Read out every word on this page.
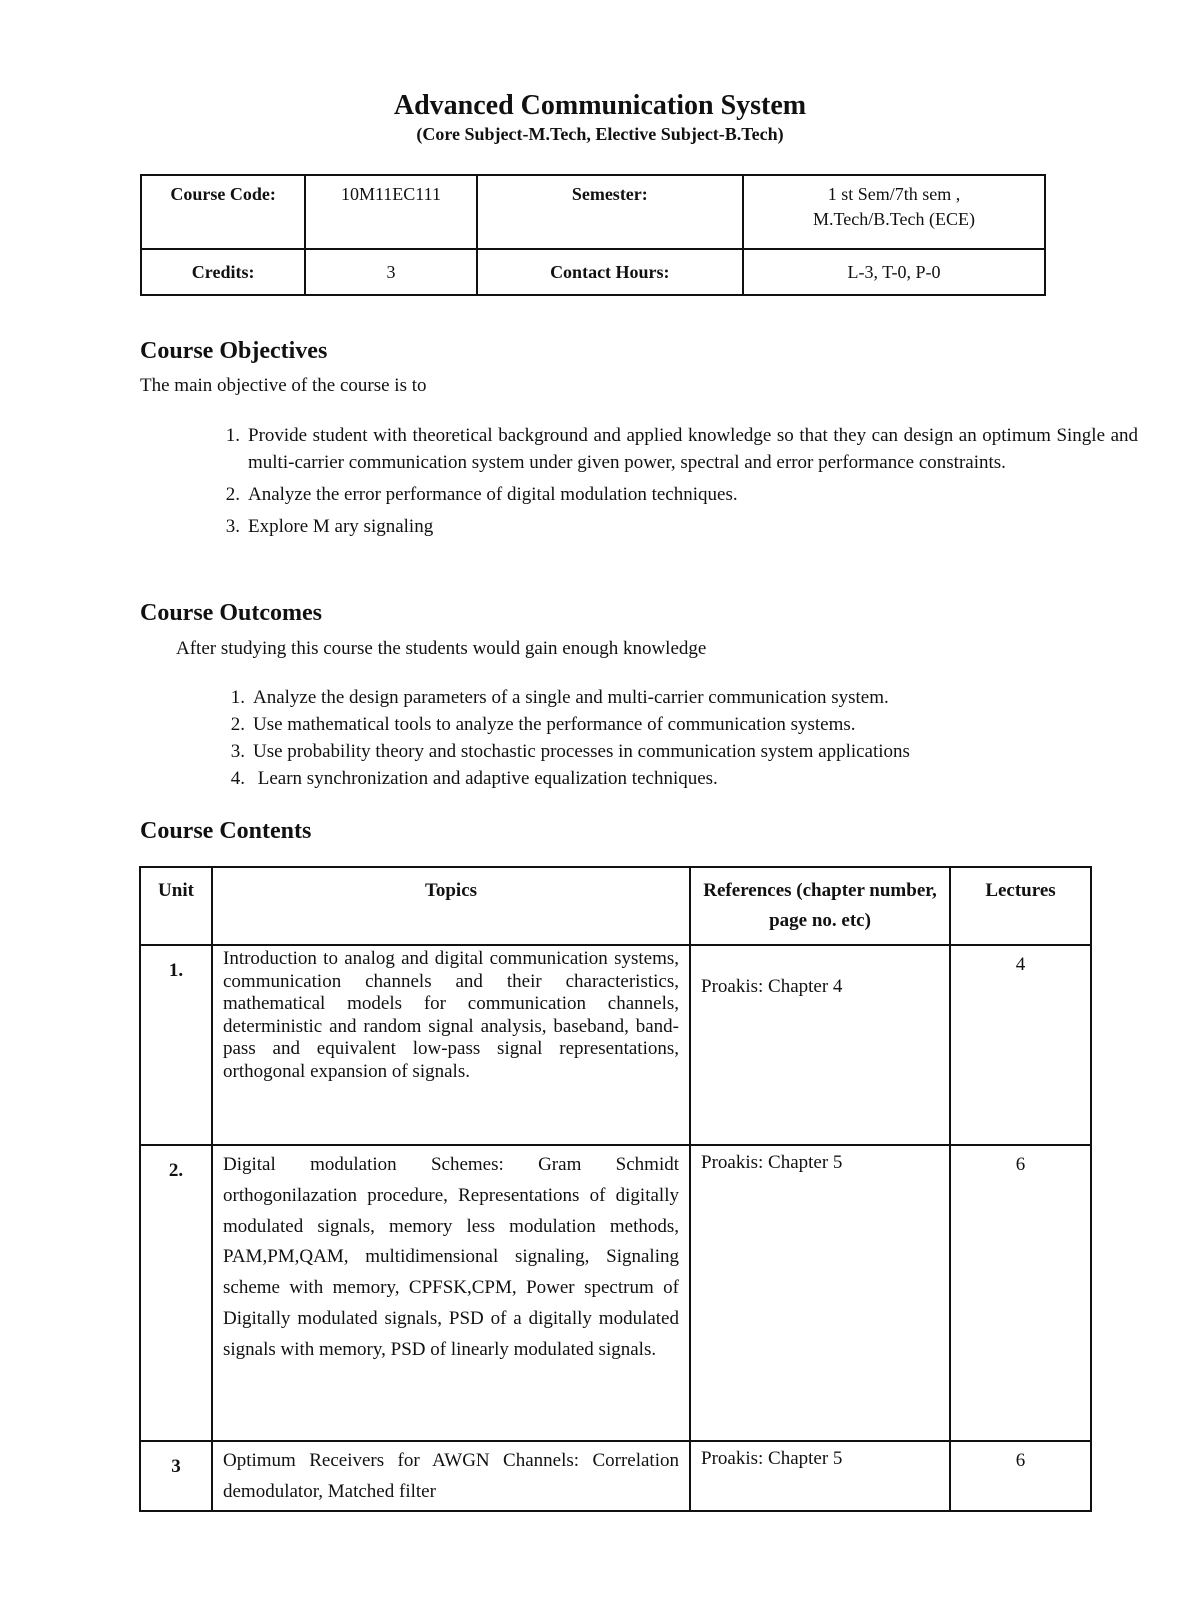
Advanced Communication System
(Core Subject-M.Tech, Elective Subject-B.Tech)
Course Code:	10M11EC111	Semester:	1 st Sem/7th sem ,
M.Tech/B.Tech (ECE)

Credits:	3	Contact Hours:	L-3, T-0, P-0
Course Objectives
The main objective of the course is to
1. Provide student with theoretical background and applied knowledge so that they can design an optimum Single and multi-carrier communication system under given power, spectral and error performance constraints.
2. Analyze the error performance of digital modulation techniques.
3. Explore M ary signaling
Course Outcomes
After studying this course the students would gain enough knowledge
1. Analyze the design parameters of a single and multi-carrier communication system.
2. Use mathematical tools to analyze the performance of communication systems.
3. Use probability theory and stochastic processes in communication system applications
4. Learn synchronization and adaptive equalization techniques.
Course Contents
Unit	Topics	References (chapter number, page no. etc)	Lectures
1.	Introduction to analog and digital communication systems, communication channels and their characteristics, mathematical models for communication channels, deterministic and random signal analysis, baseband, band-pass and equivalent low-pass signal representations, orthogonal expansion of signals.	Proakis: Chapter 4	4
2.	Digital modulation Schemes: Gram Schmidt orthogonilazation procedure, Representations of digitally modulated signals, memory less modulation methods, PAM,PM,QAM, multidimensional signaling, Signaling scheme with memory, CPFSK,CPM, Power spectrum of Digitally modulated signals, PSD of a digitally modulated signals with memory, PSD of linearly modulated signals.	Proakis: Chapter 5	6
3	Optimum Receivers for AWGN Channels: Correlation demodulator, Matched filter	Proakis: Chapter 5	6
